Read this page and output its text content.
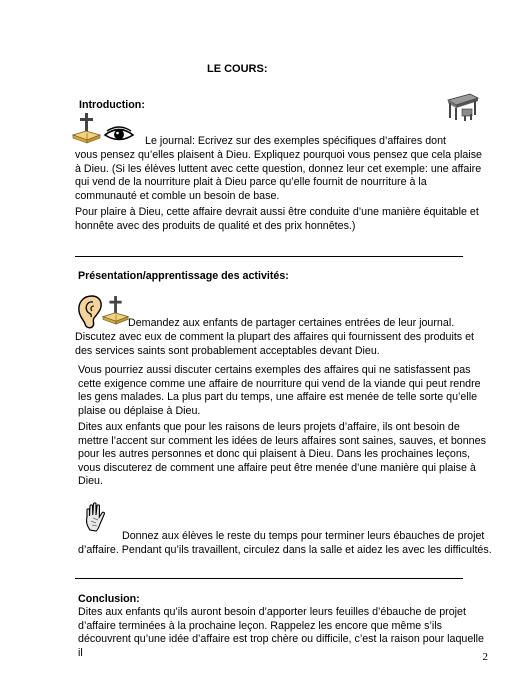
LE COURS:
Introduction:
Le journal: Ecrivez sur des exemples spécifiques d’affaires dont
vous pensez qu’elles plaisent à Dieu. Expliquez pourquoi vous pensez que cela plaise à Dieu. (Si les élèves luttent avec cette question, donnez leur cet exemple: une affaire qui vend de la nourriture plait à Dieu parce qu’elle fournit de nourriture à la communauté et comble un besoin de base.
Pour plaire à Dieu, cette affaire devrait aussi être conduite d’une manière équitable et honnête avec des produits de qualité et des prix honnêtes.)
Présentation/apprentissage des activités:
Demandez aux enfants de partager certaines entrées de leur journal.
Discutez avec eux de comment la plupart des affaires qui fournissent des produits et des services saints sont probablement acceptables devant Dieu.
Vous pourriez aussi discuter certains exemples des affaires qui ne satisfassent pas cette exigence comme une affaire de nourriture qui vend de la viande qui peut rendre les gens malades. La plus part du temps, une affaire est menée de telle sorte qu’elle plaise ou déplaise à Dieu.
Dites aux enfants que pour les raisons de leurs projets d’affaire, ils ont besoin de mettre l’accent sur comment les idées de leurs affaires sont saines, sauves, et bonnes pour les autres personnes et donc qui plaisent à Dieu. Dans les prochaines leçons, vous discuterez de comment une affaire peut être menée d’une manière qui plaise à Dieu.
Donnez aux élèves le reste du temps pour terminer leurs ébauches de projet
d’affaire. Pendant qu’ils travaillent, circulez dans la salle et aidez les avec les difficultés.
Conclusion:
Dites aux enfants qu’ils auront besoin d’apporter leurs feuilles d’ébauche de projet d’affaire terminées à la prochaine leçon. Rappelez les encore que même s’ils découvrent qu’une idée d’affaire est trop chère ou difficile, c’est la raison pour laquelle il	2
